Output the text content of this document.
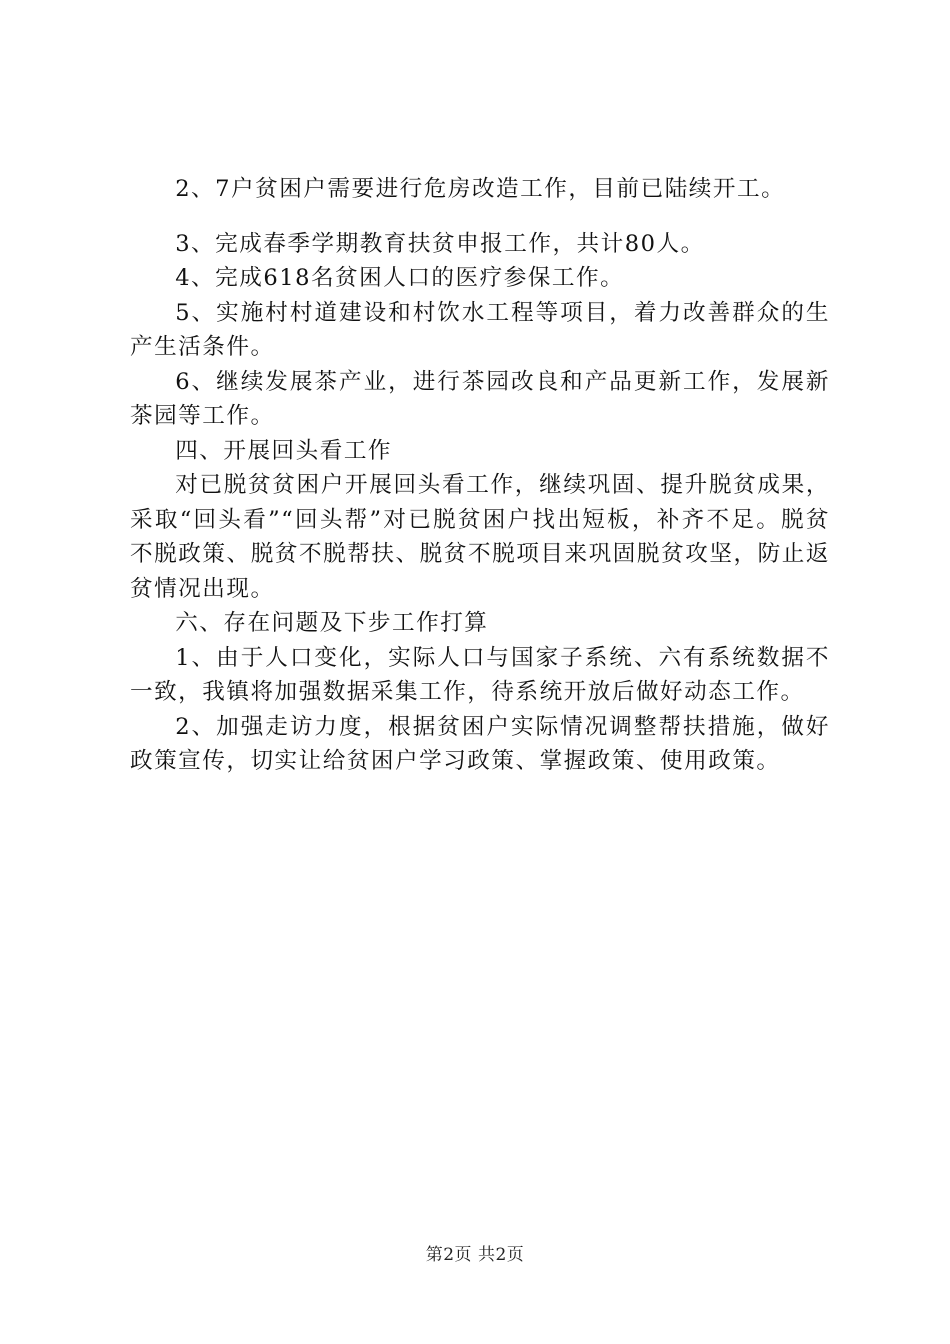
2、7户贫困户需要进行危房改造工作，目前已陆续开工。

3、完成春季学期教育扶贫申报工作，共计80人。

4、完成618名贫困人口的医疗参保工作。

5、实施村村道建设和村饮水工程等项目，着力改善群众的生产生活条件。

6、继续发展茶产业，进行茶园改良和产品更新工作，发展新茶园等工作。

四、开展回头看工作

对已脱贫贫困户开展回头看工作，继续巩固、提升脱贫成果，采取“回头看”“回头帮”对已脱贫困户找出短板，补齐不足。脱贫不脱政策、脱贫不脱帮扶、脱贫不脱项目来巩固脱贫攻坚，防止返贫情况出现。

六、存在问题及下步工作打算

1、由于人口变化，实际人口与国家子系统、六有系统数据不一致，我镇将加强数据采集工作，待系统开放后做好动态工作。

2、加强走访力度，根据贫困户实际情况调整帮扶措施，做好政策宣传，切实让给贫困户学习政策、掌握政策、使用政策。

第2页 共2页
